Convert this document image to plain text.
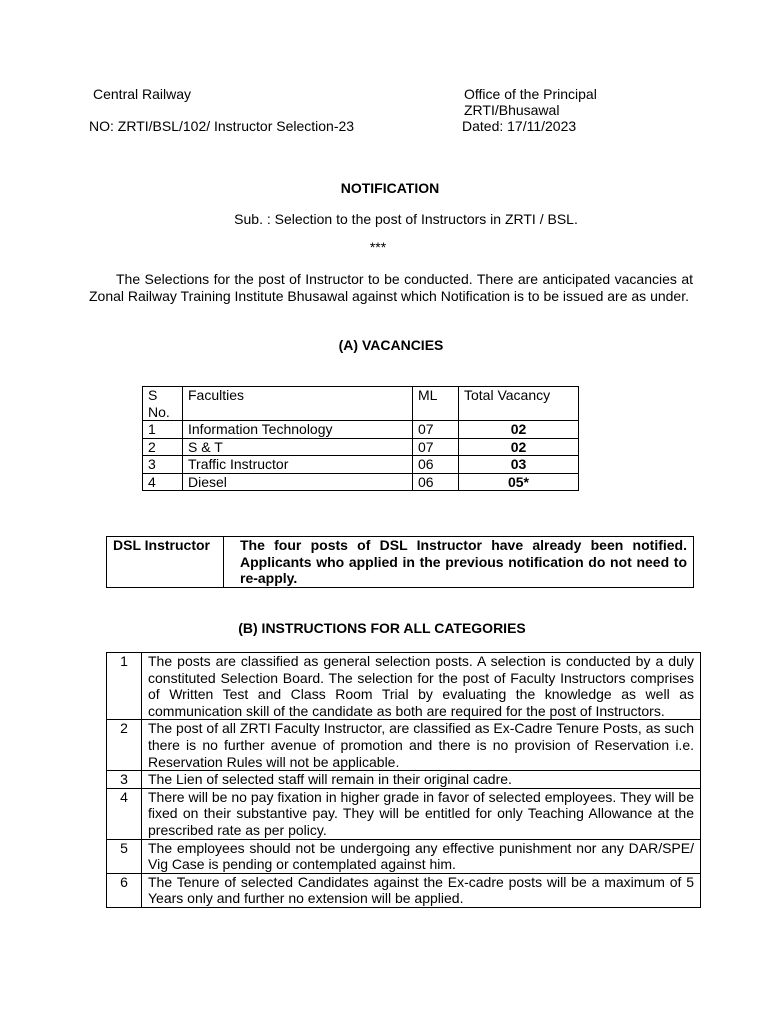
Central Railway
NO: ZRTI/BSL/102/ Instructor Selection-23
Office of the Principal
ZRTI/Bhusawal
Dated: 17/11/2023
NOTIFICATION
Sub. : Selection to the post of Instructors in ZRTI / BSL.
***
The Selections for the post of Instructor to be conducted. There are anticipated vacancies at Zonal Railway Training Institute Bhusawal against which Notification is to be issued are as under.
(A) VACANCIES
S No.	Faculties	ML	Total Vacancy
1	Information Technology	07	02
2	S & T	07	02
3	Traffic Instructor	06	03
4	Diesel	06	05*
DSL Instructor	The four posts of DSL Instructor have already been notified. Applicants who applied in the previous notification do not need to re-apply.
(B) INSTRUCTIONS FOR ALL CATEGORIES
1	The posts are classified as general selection posts. A selection is conducted by a duly constituted Selection Board. The selection for the post of Faculty Instructors comprises of Written Test and Class Room Trial by evaluating the knowledge as well as communication skill of the candidate as both are required for the post of Instructors.
2	The post of all ZRTI Faculty Instructor, are classified as Ex-Cadre Tenure Posts, as such there is no further avenue of promotion and there is no provision of Reservation i.e. Reservation Rules will not be applicable.
3	The Lien of selected staff will remain in their original cadre.
4	There will be no pay fixation in higher grade in favor of selected employees. They will be fixed on their substantive pay. They will be entitled for only Teaching Allowance at the prescribed rate as per policy.
5	The employees should not be undergoing any effective punishment nor any DAR/SPE/ Vig Case is pending or contemplated against him.
6	The Tenure of selected Candidates against the Ex-cadre posts will be a maximum of 5 Years only and further no extension will be applied.
